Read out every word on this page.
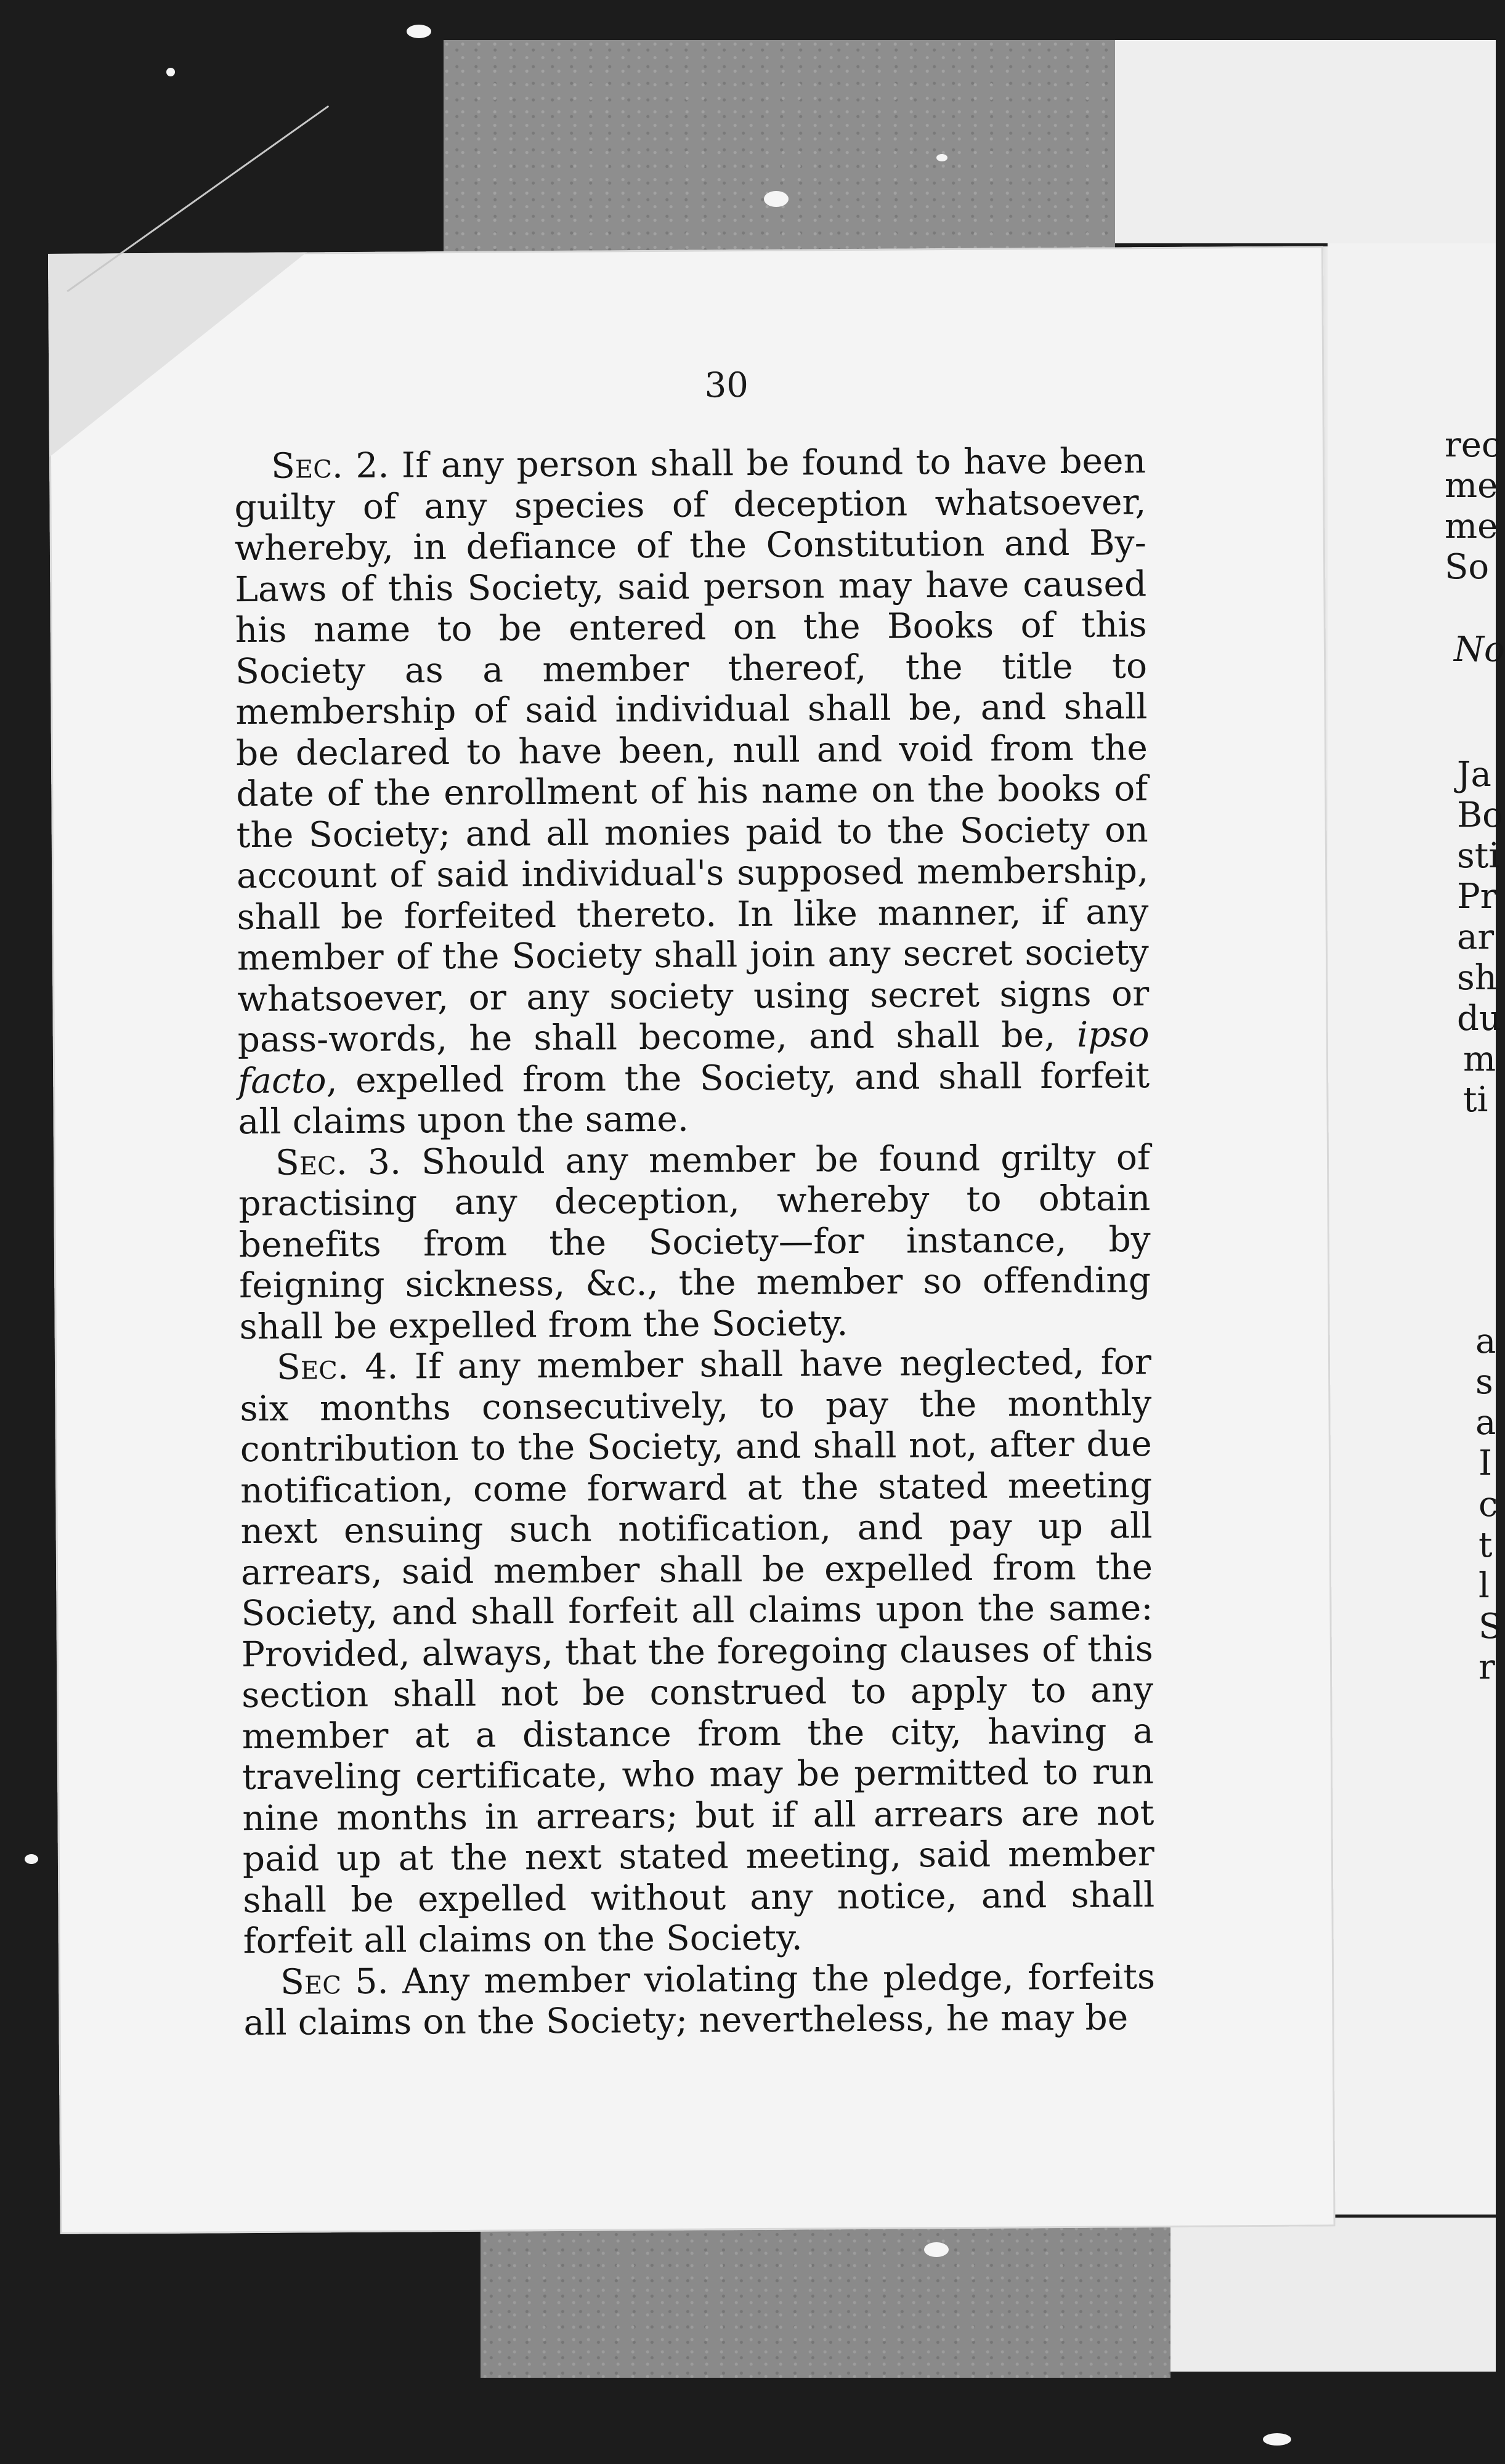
rec
me
me
So
No
Ja
Bo
sti
Pr
ar
sh
du
m
ti
a
s
a
I
c
t
l
S
r
30

Sec. 2. If any person shall be found to have been guilty of any species of deception whatsoever, whereby, in defiance of the Constitution and By-Laws of this Society, said person may have caused his name to be entered on the Books of this Society as a member thereof, the title to membership of said individual shall be, and shall be declared to have been, null and void from the date of the enrollment of his name on the books of the Society; and all monies paid to the Society on account of said individual's supposed membership, shall be forfeited thereto. In like manner, if any member of the Society shall join any secret society whatsoever, or any society using secret signs or pass-words, he shall become, and shall be, ipso facto, expelled from the Society, and shall forfeit all claims upon the same.

Sec. 3. Should any member be found grilty of practising any deception, whereby to obtain benefits from the Society—for instance, by feigning sickness, &c., the member so offending shall be expelled from the Society.

Sec. 4. If any member shall have neglected, for six months consecutively, to pay the monthly contribution to the Society, and shall not, after due notification, come forward at the stated meeting next ensuing such notification, and pay up all arrears, said member shall be expelled from the Society, and shall forfeit all claims upon the same: Provided, always, that the foregoing clauses of this section shall not be construed to apply to any member at a distance from the city, having a traveling certificate, who may be permitted to run nine months in arrears; but if all arrears are not paid up at the next stated meeting, said member shall be expelled without any notice, and shall forfeit all claims on the Society.

Sec 5. Any member violating the pledge, forfeits all claims on the Society; nevertheless, he may be
